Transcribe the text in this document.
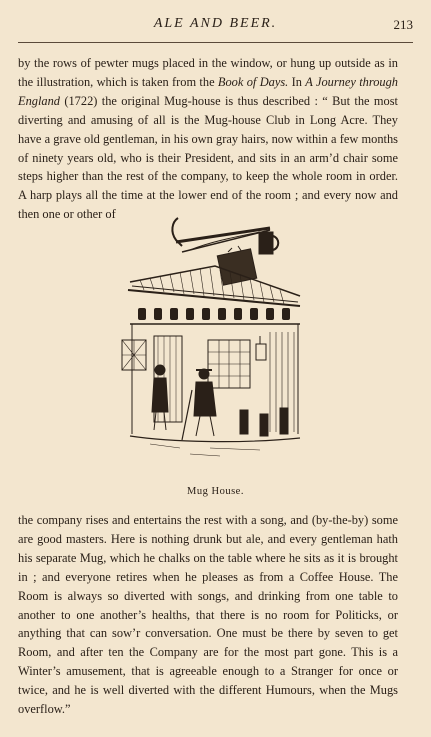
ALE AND BEER.	213

by the rows of pewter mugs placed in the window, or hung up outside as in the illustration, which is taken from the Book of Days. In A Journey through England (1722) the original Mug-house is thus described : “ But the most diverting and amusing of all is the Mug-house Club in Long Acre. They have a grave old gentleman, in his own gray hairs, now within a few months of ninety years old, who is their President, and sits in an arm’d chair some steps higher than the rest of the company, to keep the whole room in order. A harp plays all the time at the lower end of the room ; and every now and then one or other of

Mug House.

the company rises and entertains the rest with a song, and (by-the-by) some are good masters. Here is nothing drunk but ale, and every gentleman hath his separate Mug, which he chalks on the table where he sits as it is brought in ; and everyone retires when he pleases as from a Coffee House. The Room is always so diverted with songs, and drinking from one table to another to one another’s healths, that there is no room for Politicks, or anything that can sow’r conversation. One must be there by seven to get Room, and after ten the Company are for the most part gone. This is a Winter’s amusement, that is agreeable enough to a Stranger for once or twice, and he is well diverted with the different Humours, when the Mugs overflow.”
